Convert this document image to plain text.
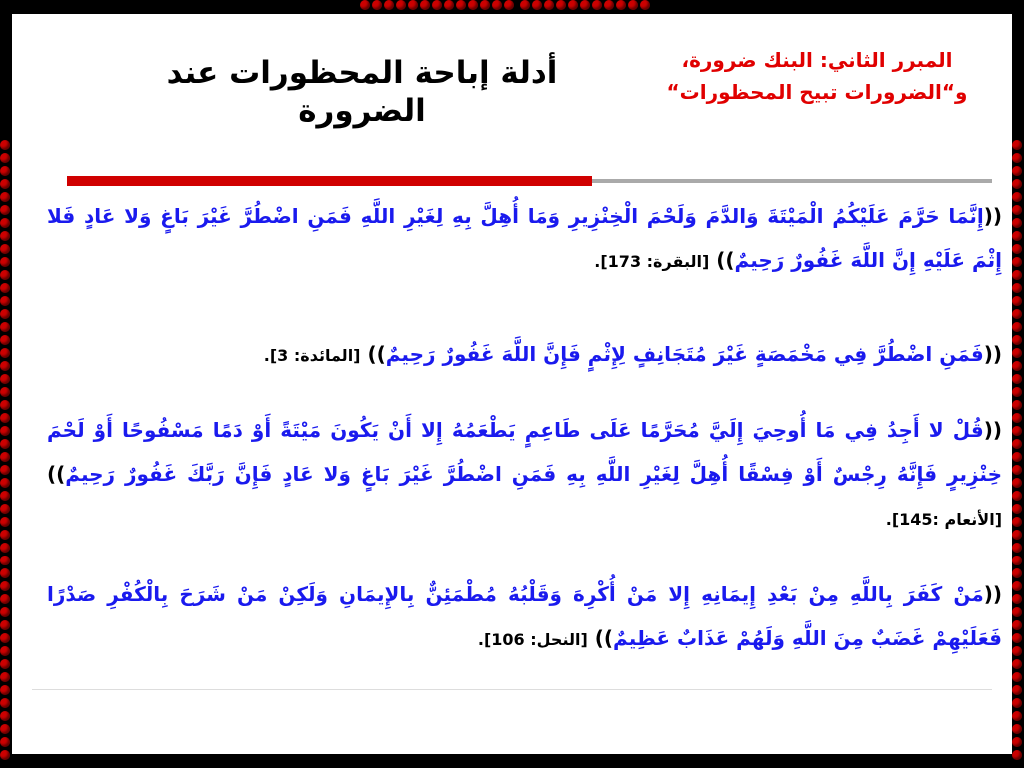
أدلة إباحة المحظورات عند الضرورة
المبرر الثاني: البنك ضرورة، و“الضرورات تبيح المحظورات“
((إِنَّمَا حَرَّمَ عَلَيْكُمُ الْمَيْتَةَ وَالدَّمَ وَلَحْمَ الْخِنْزِيرِ وَمَا أُهِلَّ بِهِ لِغَيْرِ اللَّهِ فَمَنِ اضْطُرَّ غَيْرَ بَاغٍ وَلا عَادٍ فَلا إِثْمَ عَلَيْهِ إِنَّ اللَّهَ غَفُورٌ رَحِيمٌ)) [البقرة: 173].
((فَمَنِ اضْطُرَّ فِي مَخْمَصَةٍ غَيْرَ مُتَجَانِفٍ لِإِثْمٍ فَإِنَّ اللَّهَ غَفُورٌ رَحِيمٌ)) [المائدة: 3].
((قُلْ لا أَجِدُ فِي مَا أُوحِيَ إِلَيَّ مُحَرَّمًا عَلَى طَاعِمٍ يَطْعَمُهُ إِلا أَنْ يَكُونَ مَيْتَةً أَوْ دَمًا مَسْفُوحًا أَوْ لَحْمَ خِنْزِيرٍ فَإِنَّهُ رِجْسٌ أَوْ فِسْقًا أُهِلَّ لِغَيْرِ اللَّهِ بِهِ فَمَنِ اضْطُرَّ غَيْرَ بَاغٍ وَلا عَادٍ فَإِنَّ رَبَّكَ غَفُورٌ رَحِيمٌ)) [الأنعام :145].
((مَنْ كَفَرَ بِاللَّهِ مِنْ بَعْدِ إِيمَانِهِ إِلا مَنْ أُكْرِهَ وَقَلْبُهُ مُطْمَئِنٌّ بِالإِيمَانِ وَلَكِنْ مَنْ شَرَحَ بِالْكُفْرِ صَدْرًا فَعَلَيْهِمْ غَضَبٌ مِنَ اللَّهِ وَلَهُمْ عَذَابٌ عَظِيمٌ)) [النحل: 106].
